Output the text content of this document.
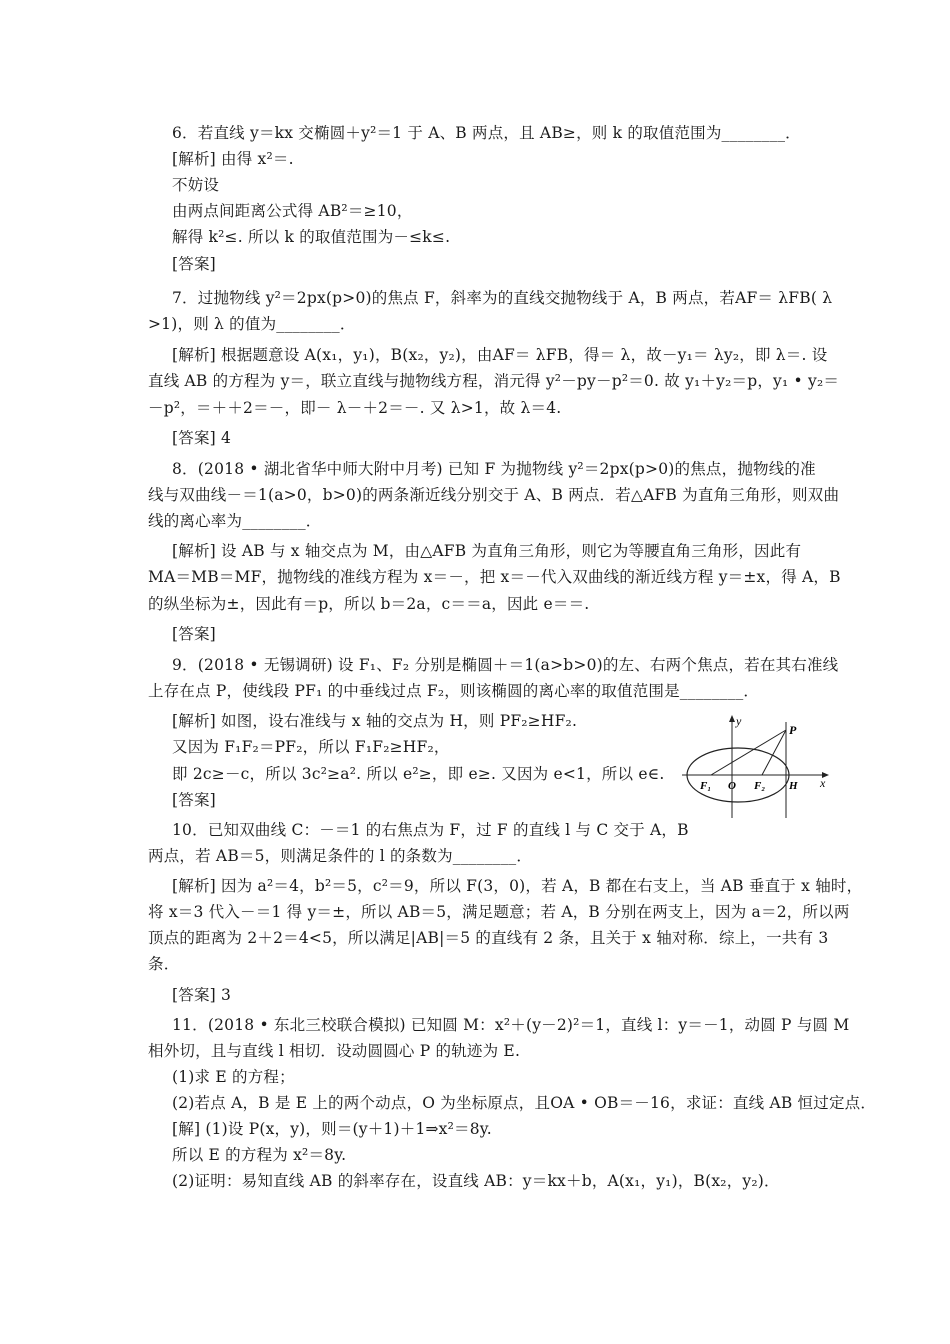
6．若直线 y＝kx 交椭圆＋y²＝1 于 A、B 两点，且 AB≥，则 k 的取值范围为________．
[解析] 由得 x²＝.
不妨设
由两点间距离公式得 AB²＝≥10，
解得 k²≤. 所以 k 的取值范围为－≤k≤.
[答案]
7．过抛物线 y²＝2px(p>0)的焦点 F，斜率为的直线交抛物线于 A，B 两点，若AF＝ λFB( λ
>1)，则 λ 的值为________．
[解析] 根据题意设 A(x₁，y₁)，B(x₂，y₂)，由AF＝ λFB，得＝ λ，故－y₁＝ λy₂，即 λ＝. 设
直线 AB 的方程为 y＝，联立直线与抛物线方程，消元得 y²－py－p²＝0. 故 y₁＋y₂＝p，y₁ • y₂＝
－p²，＝＋＋2＝－，即－ λ－＋2＝－. 又 λ>1，故 λ＝4.
[答案] 4
8．(2018 • 湖北省华中师大附中月考) 已知 F 为抛物线 y²＝2px(p>0)的焦点，抛物线的准
线与双曲线－＝1(a>0，b>0)的两条渐近线分别交于 A、B 两点．若△AFB 为直角三角形，则双曲
线的离心率为________．
[解析] 设 AB 与 x 轴交点为 M，由△AFB 为直角三角形，则它为等腰直角三角形，因此有
MA＝MB＝MF，抛物线的准线方程为 x＝－，把 x＝－代入双曲线的渐近线方程 y＝±x，得 A，B
的纵坐标为±，因此有＝p，所以 b＝2a，c＝＝a，因此 e＝＝.
[答案]
9．(2018 • 无锡调研) 设 F₁、F₂ 分别是椭圆＋＝1(a>b>0)的左、右两个焦点，若在其右准线
上存在点 P，使线段 PF₁ 的中垂线过点 F₂，则该椭圆的离心率的取值范围是________．
[解析] 如图，设右准线与 x 轴的交点为 H，则 PF₂≥HF₂.
又因为 F₁F₂＝PF₂，所以 F₁F₂≥HF₂，
即 2c≥－c，所以 3c²≥a². 所以 e²≥，即 e≥. 又因为 e<1，所以 e∈.
[答案]
y
P
x
F₁ O F₂ H
10．已知双曲线 C：－＝1 的右焦点为 F，过 F 的直线 l 与 C 交于 A，B
两点，若 AB＝5，则满足条件的 l 的条数为________．
[解析] 因为 a²＝4，b²＝5，c²＝9，所以 F(3，0)，若 A，B 都在右支上，当 AB 垂直于 x 轴时，
将 x＝3 代入－＝1 得 y＝±，所以 AB＝5，满足题意；若 A，B 分别在两支上，因为 a＝2，所以两
顶点的距离为 2＋2＝4<5，所以满足|AB|＝5 的直线有 2 条，且关于 x 轴对称．综上，一共有 3
条．
[答案] 3
11．(2018 • 东北三校联合模拟) 已知圆 M：x²＋(y－2)²＝1，直线 l：y＝－1，动圆 P 与圆 M
相外切，且与直线 l 相切．设动圆圆心 P 的轨迹为 E.
(1)求 E 的方程；
(2)若点 A，B 是 E 上的两个动点，O 为坐标原点，且OA • OB＝－16，求证：直线 AB 恒过定点．
[解] (1)设 P(x，y)，则＝(y＋1)＋1⇒x²＝8y.
所以 E 的方程为 x²＝8y.
(2)证明：易知直线 AB 的斜率存在，设直线 AB：y＝kx＋b，A(x₁，y₁)，B(x₂，y₂)．
